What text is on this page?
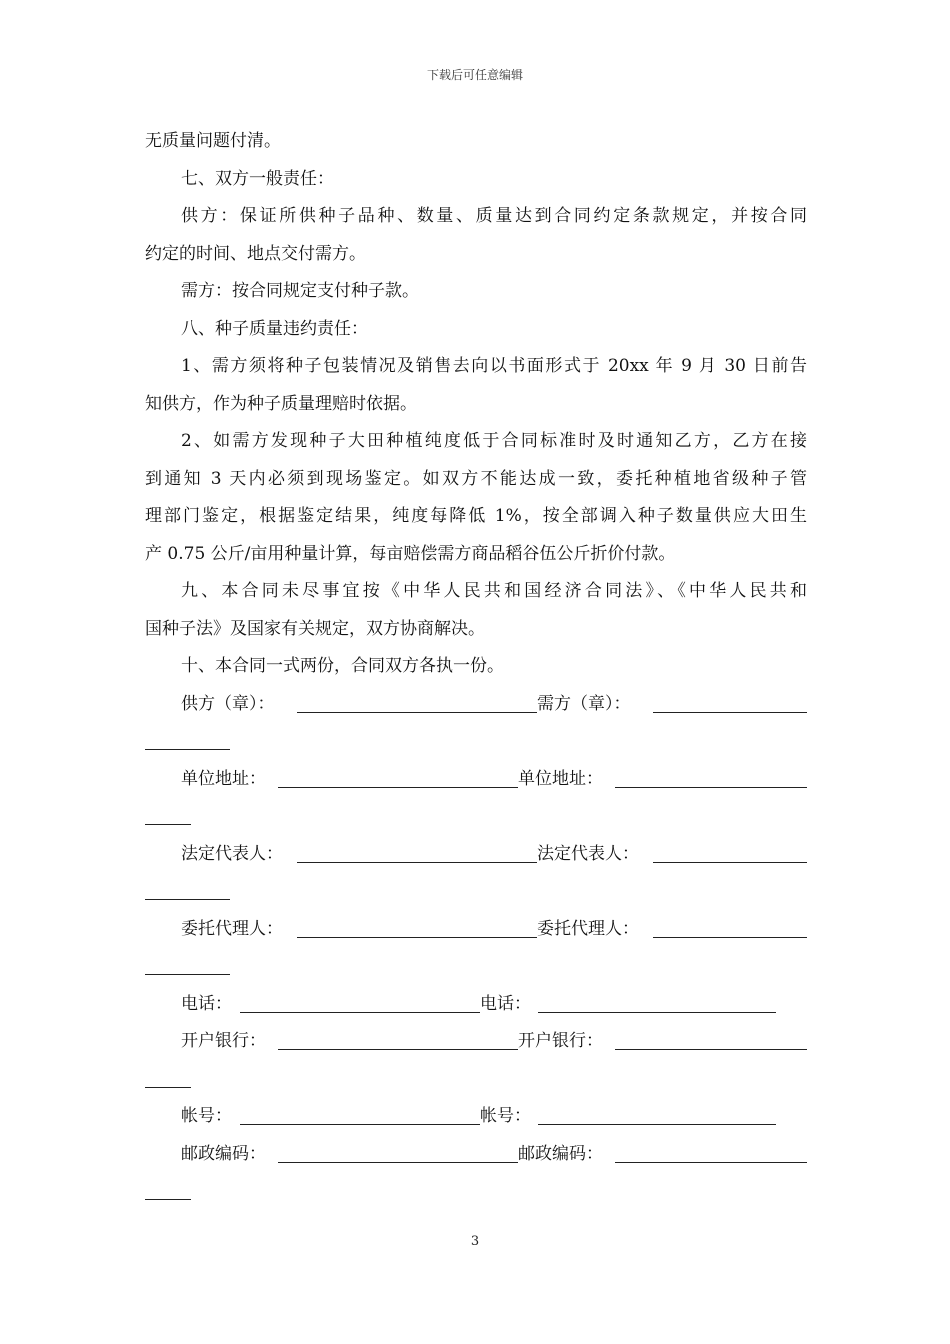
下载后可任意编辑
无质量问题付清。
七、双方一般责任：
供方：保证所供种子品种、数量、质量达到合同约定条款规定，并按合同
约定的时间、地点交付需方。
需方：按合同规定支付种子款。
八、种子质量违约责任：
1、需方须将种子包装情况及销售去向以书面形式于 20xx 年 9 月 30 日前告
知供方，作为种子质量理赔时依据。
2、如需方发现种子大田种植纯度低于合同标准时及时通知乙方，乙方在接
到通知 3 天内必须到现场鉴定。如双方不能达成一致，委托种植地省级种子管
理部门鉴定，根据鉴定结果，纯度每降低 1%，按全部调入种子数量供应大田生
产 0.75 公斤/亩用种量计算，每亩赔偿需方商品稻谷伍公斤折价付款。
九、本合同未尽事宜按《中华人民共和国经济合同法》、《中华人民共和
国种子法》及国家有关规定，双方协商解决。
十、本合同一式两份，合同双方各执一份。
供方（章）：	需方（章）：
单位地址：	单位地址：
法定代表人：	法定代表人：
委托代理人：	委托代理人：
电话：	电话：
开户银行：	开户银行：
帐号：	帐号：
邮政编码：	邮政编码：
3
